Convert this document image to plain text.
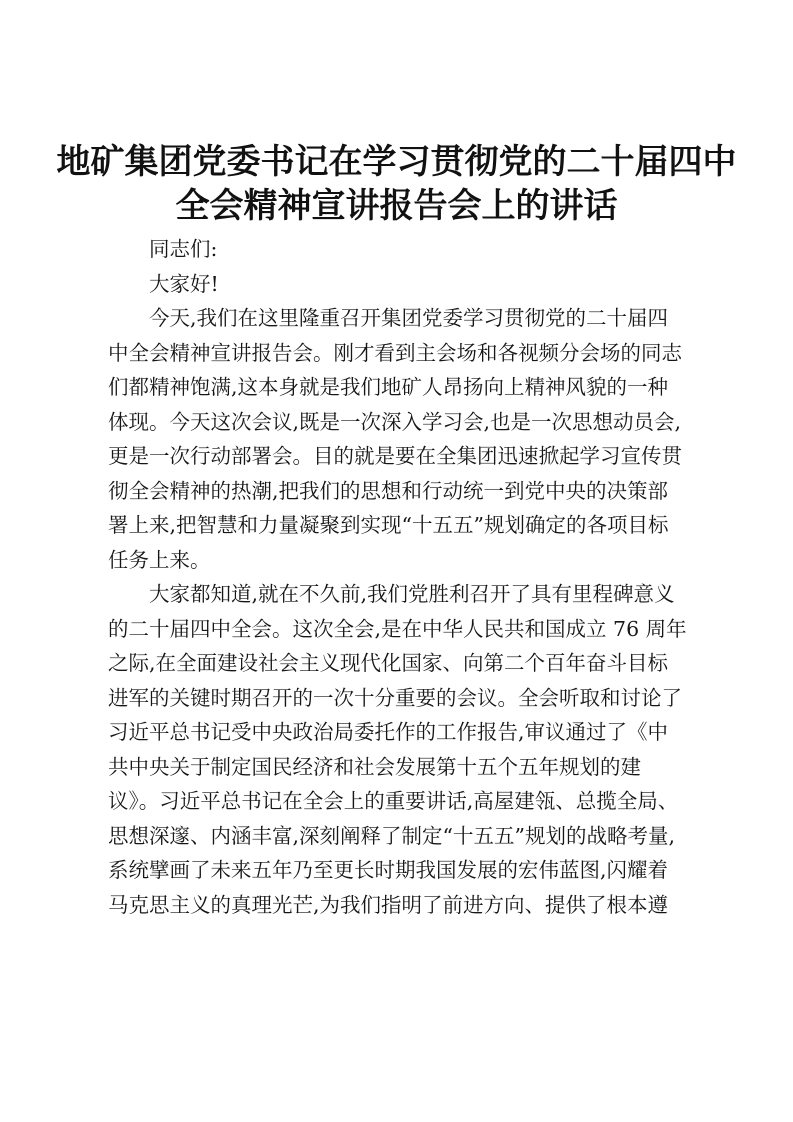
地矿集团党委书记在学习贯彻党的二十届四中
全会精神宣讲报告会上的讲话
同志们:
大家好!
今天,我们在这里隆重召开集团党委学习贯彻党的二十届四
中全会精神宣讲报告会。刚才看到主会场和各视频分会场的同志
们都精神饱满,这本身就是我们地矿人昂扬向上精神风貌的一种
体现。今天这次会议,既是一次深入学习会,也是一次思想动员会,
更是一次行动部署会。目的就是要在全集团迅速掀起学习宣传贯
彻全会精神的热潮,把我们的思想和行动统一到党中央的决策部
署上来,把智慧和力量凝聚到实现“十五五”规划确定的各项目标
任务上来。
大家都知道,就在不久前,我们党胜利召开了具有里程碑意义
的二十届四中全会。这次全会,是在中华人民共和国成立 76 周年
之际,在全面建设社会主义现代化国家、向第二个百年奋斗目标
进军的关键时期召开的一次十分重要的会议。全会听取和讨论了
习近平总书记受中央政治局委托作的工作报告,审议通过了《中
共中央关于制定国民经济和社会发展第十五个五年规划的建
议》。习近平总书记在全会上的重要讲话,高屋建瓴、总揽全局、
思想深邃、内涵丰富,深刻阐释了制定“十五五”规划的战略考量,
系统擘画了未来五年乃至更长时期我国发展的宏伟蓝图,闪耀着
马克思主义的真理光芒,为我们指明了前进方向、提供了根本遵
